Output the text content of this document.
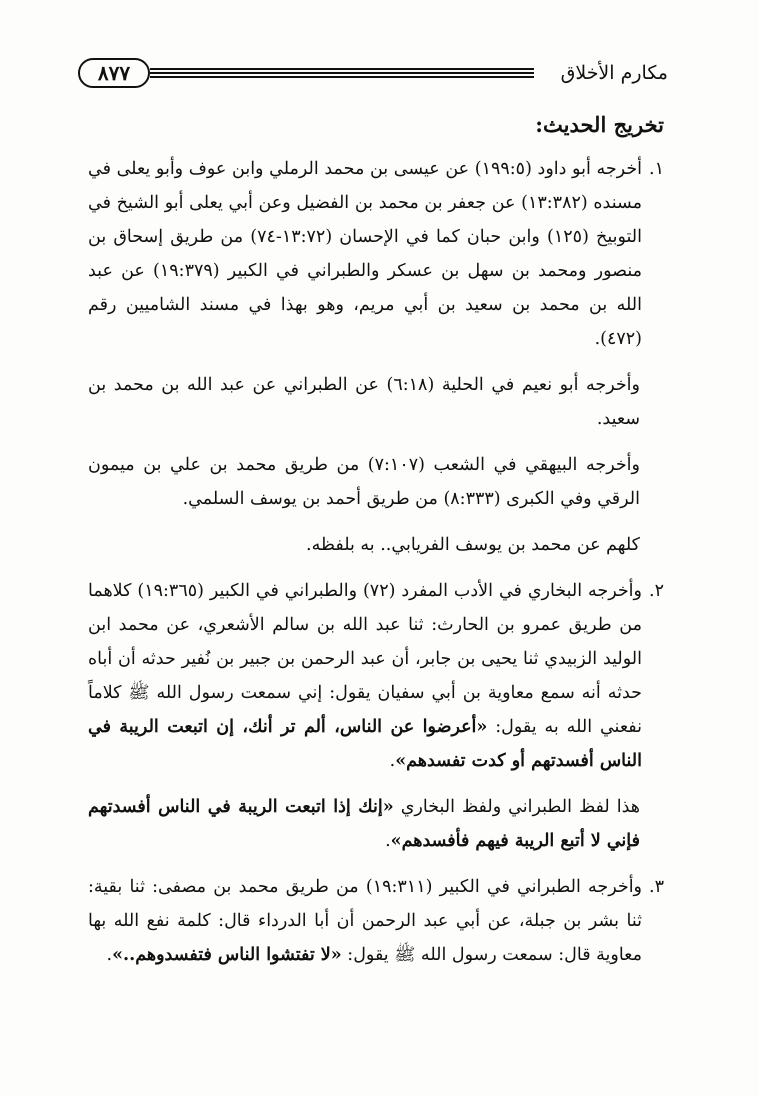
مكارم الأخلاق
٨٧٧
تخريج الحديث:

١.أخرجه أبو داود (١٩٩:٥) عن عيسى بن محمد الرملي وابن عوف وأبو يعلى في مسنده (١٣:٣٨٢) عن جعفر بن محمد بن الفضيل وعن أبي يعلى أبو الشيخ في التوبيخ (١٢٥) وابن حبان كما في الإحسان (١٣:٧٢-٧٤) من طريق إسحاق بن منصور ومحمد بن سهل بن عسكر والطبراني في الكبير (١٩:٣٧٩) عن عبد الله بن محمد بن سعيد بن أبي مريم، وهو بهذا في مسند الشاميين رقم (٤٧٢).

وأخرجه أبو نعيم في الحلية (٦:١٨) عن الطبراني عن عبد الله بن محمد بن سعيد.

وأخرجه البيهقي في الشعب (٧:١٠٧) من طريق محمد بن علي بن ميمون الرقي وفي الكبرى (٨:٣٣٣) من طريق أحمد بن يوسف السلمي.

كلهم عن محمد بن يوسف الفريابي.. به بلفظه.

٢.وأخرجه البخاري في الأدب المفرد (٧٢) والطبراني في الكبير (١٩:٣٦٥) كلاهما من طريق عمرو بن الحارث: ثنا عبد الله بن سالم الأشعري، عن محمد ابن الوليد الزبيدي ثنا يحيى بن جابر، أن عبد الرحمن بن جبير بن نُفير حدثه أن أباه حدثه أنه سمع معاوية بن أبي سفيان يقول: إني سمعت رسول الله ﷺ كلاماً نفعني الله به يقول: «أعرضوا عن الناس، ألم تر أنك، إن اتبعت الريبة في الناس أفسدتهم أو كدت تفسدهم».

هذا لفظ الطبراني ولفظ البخاري «إنك إذا اتبعت الريبة في الناس أفسدتهم فإني لا أتبع الريبة فيهم فأفسدهم».

٣.وأخرجه الطبراني في الكبير (١٩:٣١١) من طريق محمد بن مصفى: ثنا بقية: ثنا بشر بن جبلة، عن أبي عبد الرحمن أن أبا الدرداء قال: كلمة نفع الله بها معاوية قال: سمعت رسول الله ﷺ يقول: «لا تفتشوا الناس فتفسدوهم..».
